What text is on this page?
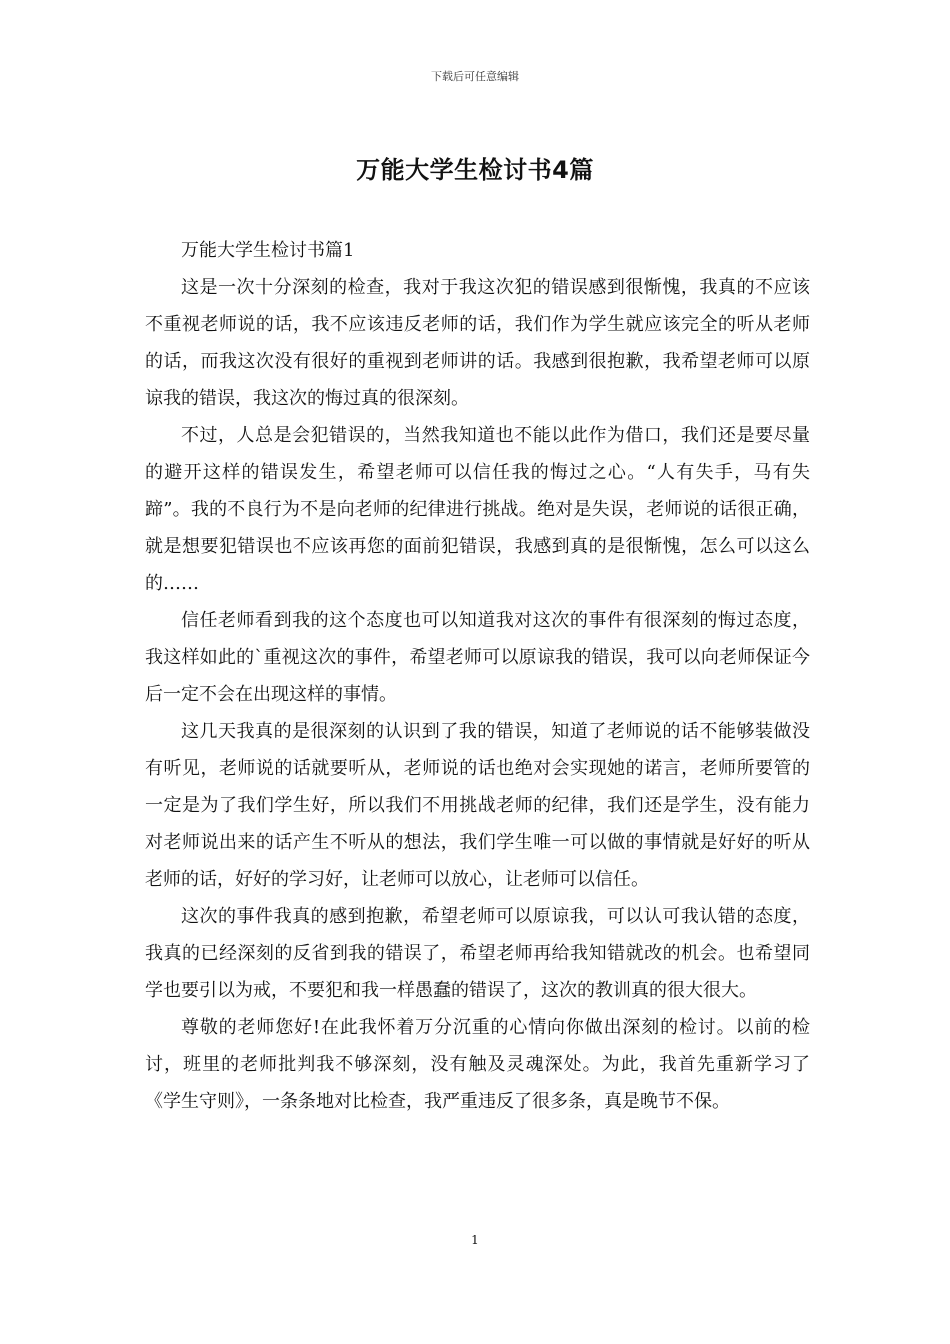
下载后可任意编辑
万能大学生检讨书4篇

万能大学生检讨书篇1

这是一次十分深刻的检查，我对于我这次犯的错误感到很惭愧，我真的不应该不重视老师说的话，我不应该违反老师的话，我们作为学生就应该完全的听从老师的话，而我这次没有很好的重视到老师讲的话。我感到很抱歉，我希望老师可以原谅我的错误，我这次的悔过真的很深刻。

不过，人总是会犯错误的，当然我知道也不能以此作为借口，我们还是要尽量的避开这样的错误发生，希望老师可以信任我的悔过之心。“人有失手，马有失蹄”。我的不良行为不是向老师的纪律进行挑战。绝对是失误，老师说的话很正确，就是想要犯错误也不应该再您的面前犯错误，我感到真的是很惭愧，怎么可以这么的……

信任老师看到我的这个态度也可以知道我对这次的事件有很深刻的悔过态度，我这样如此的`重视这次的事件，希望老师可以原谅我的错误，我可以向老师保证今后一定不会在出现这样的事情。

这几天我真的是很深刻的认识到了我的错误，知道了老师说的话不能够装做没有听见，老师说的话就要听从，老师说的话也绝对会实现她的诺言，老师所要管的一定是为了我们学生好，所以我们不用挑战老师的纪律，我们还是学生，没有能力对老师说出来的话产生不听从的想法，我们学生唯一可以做的事情就是好好的听从老师的话，好好的学习好，让老师可以放心，让老师可以信任。

这次的事件我真的感到抱歉，希望老师可以原谅我，可以认可我认错的态度，我真的已经深刻的反省到我的错误了，希望老师再给我知错就改的机会。也希望同学也要引以为戒，不要犯和我一样愚蠢的错误了，这次的教训真的很大很大。

尊敬的老师您好!在此我怀着万分沉重的心情向你做出深刻的检讨。以前的检讨，班里的老师批判我不够深刻，没有触及灵魂深处。为此，我首先重新学习了《学生守则》，一条条地对比检查，我严重违反了很多条，真是晚节不保。

1
